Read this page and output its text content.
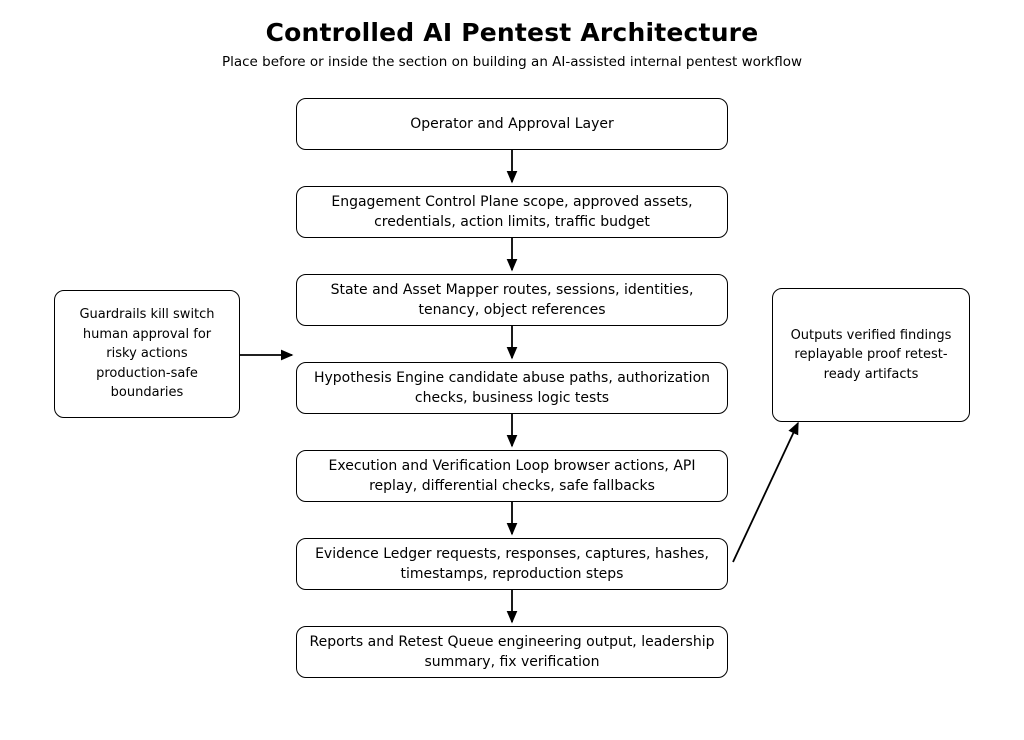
Controlled AI Pentest Architecture
Place before or inside the section on building an AI-assisted internal pentest workflow
Operator and Approval Layer
Engagement Control Plane scope, approved assets, credentials, action limits, traffic budget
State and Asset Mapper routes, sessions, identities, tenancy, object references
Hypothesis Engine candidate abuse paths, authorization checks, business logic tests
Execution and Verification Loop browser actions, API replay, differential checks, safe fallbacks
Evidence Ledger requests, responses, captures, hashes, timestamps, reproduction steps
Reports and Retest Queue engineering output, leadership summary, fix verification
Guardrails kill switch human approval for risky actions production-safe boundaries
Outputs verified findings replayable proof retest-ready artifacts
